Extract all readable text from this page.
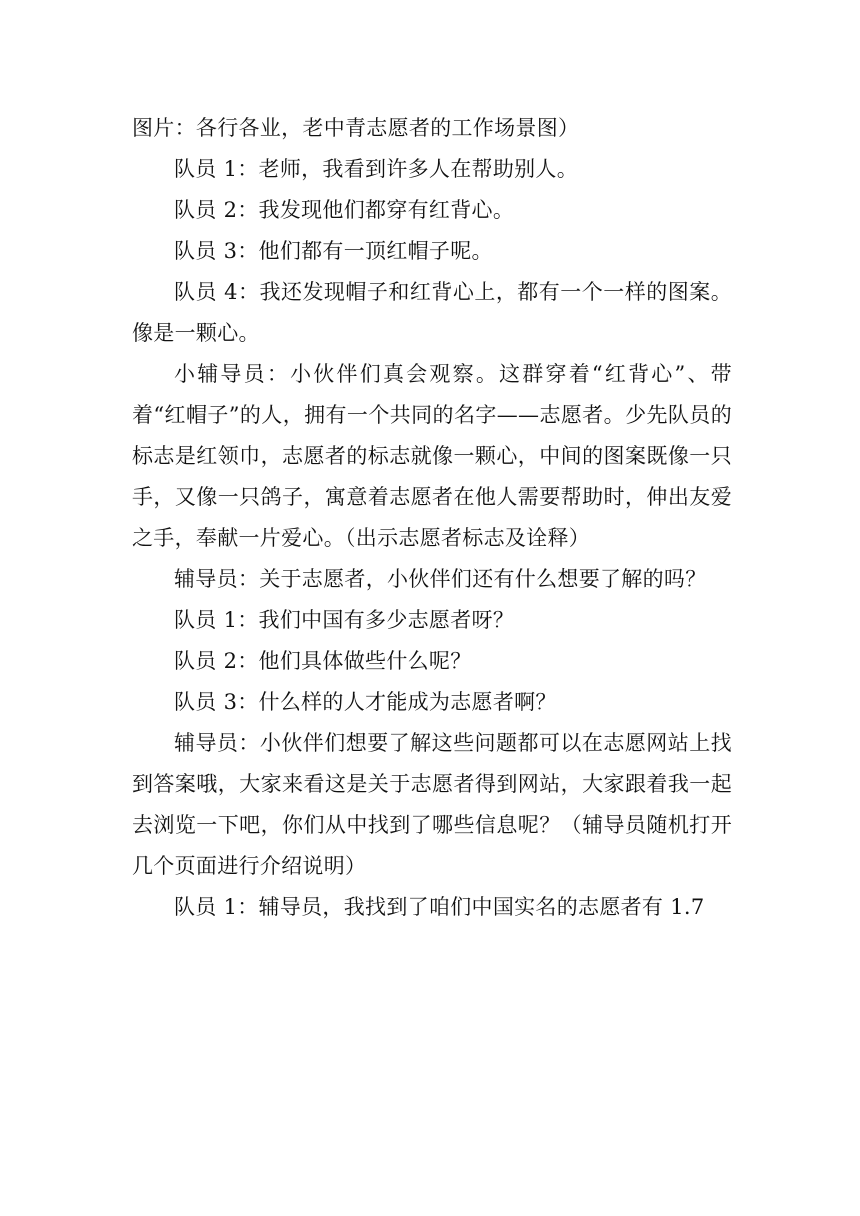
图片：各行各业，老中青志愿者的工作场景图）

队员 1：老师，我看到许多人在帮助别人。

队员 2：我发现他们都穿有红背心。

队员 3：他们都有一顶红帽子呢。

队员 4：我还发现帽子和红背心上，都有一个一样的图案。像是一颗心。

小辅导员：小伙伴们真会观察。这群穿着“红背心”、带着“红帽子”的人，拥有一个共同的名字——志愿者。少先队员的标志是红领巾，志愿者的标志就像一颗心，中间的图案既像一只手，又像一只鸽子，寓意着志愿者在他人需要帮助时，伸出友爱之手，奉献一片爱心。（出示志愿者标志及诠释）

辅导员：关于志愿者，小伙伴们还有什么想要了解的吗？

队员 1：我们中国有多少志愿者呀？

队员 2：他们具体做些什么呢？

队员 3：什么样的人才能成为志愿者啊？

辅导员：小伙伴们想要了解这些问题都可以在志愿网站上找到答案哦，大家来看这是关于志愿者得到网站，大家跟着我一起去浏览一下吧，你们从中找到了哪些信息呢？（辅导员随机打开几个页面进行介绍说明）

队员 1：辅导员，我找到了咱们中国实名的志愿者有 1.7
